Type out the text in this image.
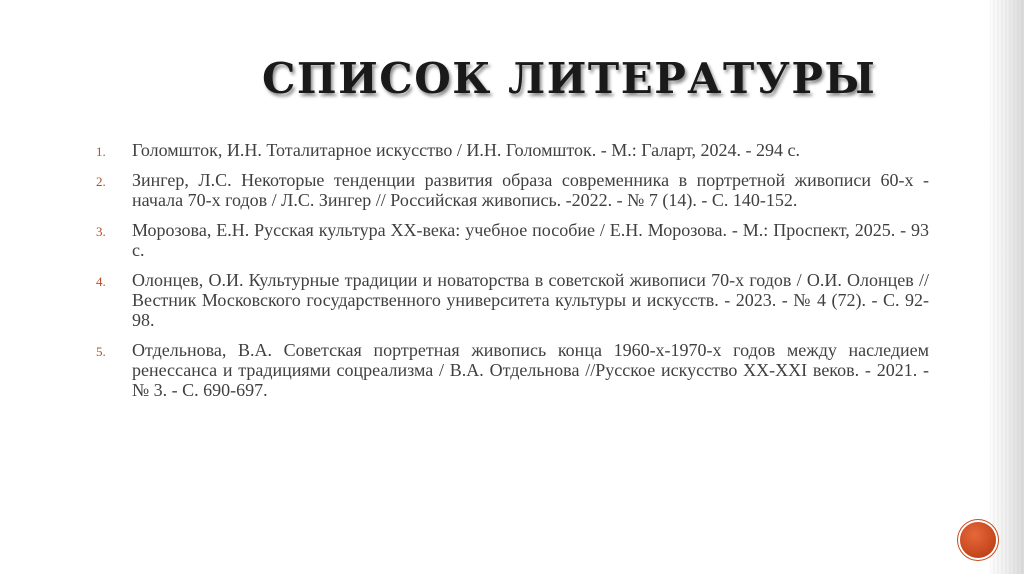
СПИСОК ЛИТЕРАТУРЫ
1.	Голомшток, И.Н. Тоталитарное искусство / И.Н. Голомшток. - М.: Галарт, 2024. - 294 с.
2.	Зингер, Л.С. Некоторые тенденции развития образа современника в портретной живописи 60-х - начала 70-х годов / Л.С. Зингер // Российская живопись. -2022. - № 7 (14). - С. 140-152.
3.	Морозова, Е.Н. Русская культура XX-века: учебное пособие / Е.Н. Морозова. - М.: Проспект, 2025. - 93 с.
4.	Олонцев, О.И. Культурные традиции и новаторства в советской живописи 70-х годов / О.И. Олонцев // Вестник Московского государственного университета культуры и искусств. - 2023. - № 4 (72). - С. 92-98.
5.	Отдельнова, В.А. Советская портретная живопись конца 1960-х-1970-х годов между наследием ренессанса и традициями соцреализма / В.А. Отдельнова //Русское искусство XX-XXI веков. - 2021. - № 3. - С. 690-697.
